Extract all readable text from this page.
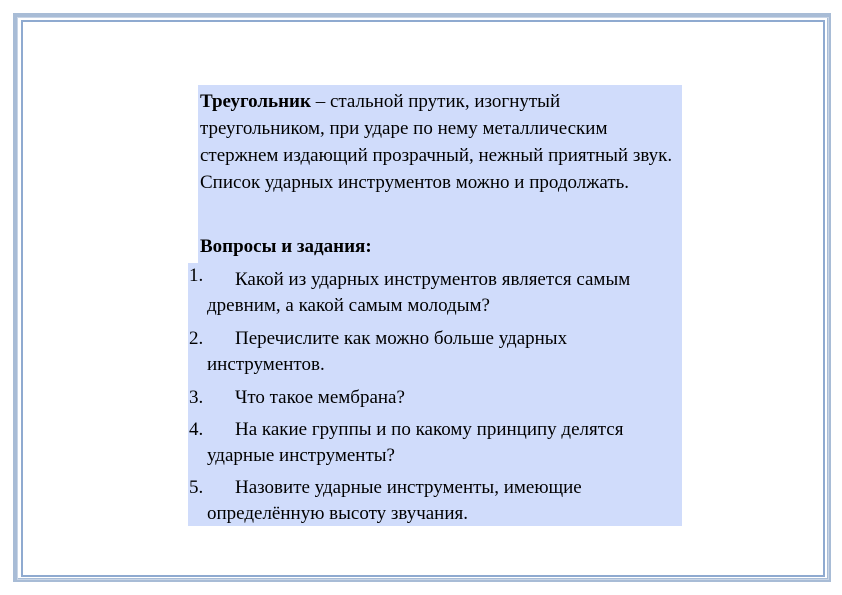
Треугольник – стальной прутик, изогнутый треугольником, при ударе по нему металлическим стержнем издающий прозрачный, нежный приятный звук. Список ударных инструментов можно и продолжать.

Вопросы и задания:
1.	Какой из ударных инструментов является самым древним, а какой самым молодым?
2.	Перечислите как можно больше ударных инструментов.
3.	Что такое мембрана?
4.	На какие группы и по какому принципу делятся ударные инструменты?
5.	Назовите ударные инструменты, имеющие определённую высоту звучания.
